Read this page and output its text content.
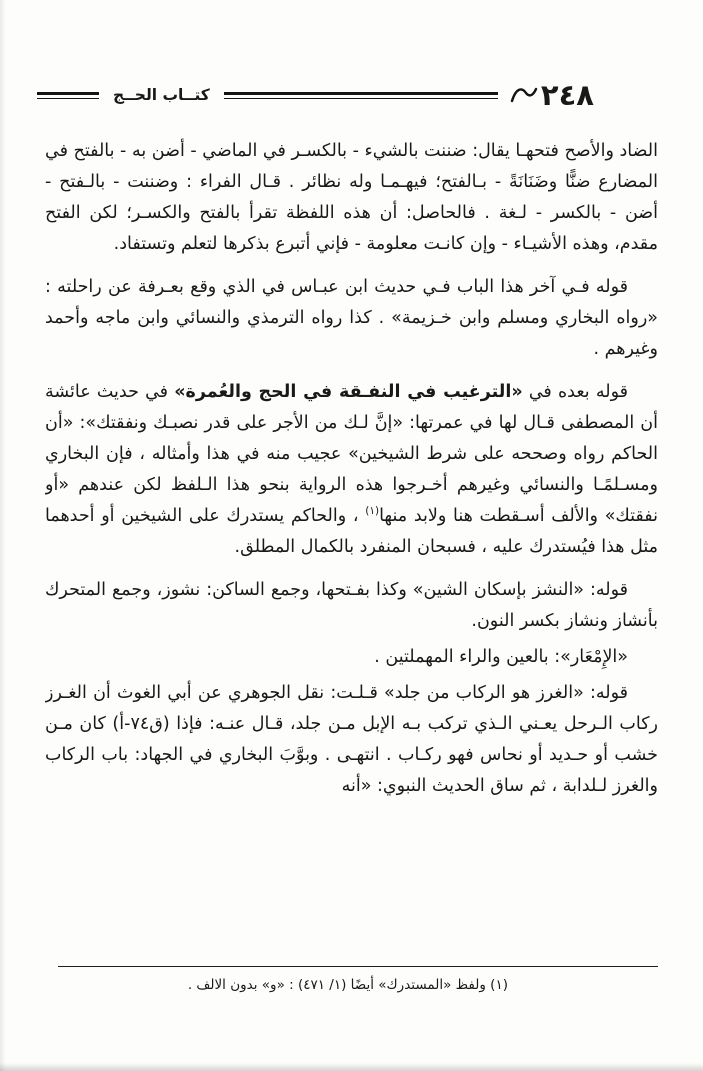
٢٤٨
كتــاب الحــج

الضاد والأصح فتحهـا يقال: ضننت بالشيء - بالكسـر في الماضي - أضن به - بالفتح في المضارع ضنًّا وضَنَانَةً - بـالفتح؛ فيهـمـا وله نظائر . قـال الفراء : وضننت - بالـفتح - أضن - بالكسر - لـغة . فالحاصل: أن هذه اللفظة تقرأ بالفتح والكسـر؛ لكن الفتح مقدم، وهذه الأشيـاء - وإن كانـت معلومة - فإني أتبرع بذكرها لتعلم وتستفاد.

قوله فـي آخر هذا الباب فـي حديث ابن عبـاس في الذي وقع بعـرفة عن راحلته : «رواه البخاري ومسلم وابن خـزيمة» . كذا رواه الترمذي والنسائي وابن ماجه وأحمد وغيرهم .

قوله بعده في «الترغيب في النفـقة في الحج والعُمرة» في حديث عائشة أن المصطفى قـال لها في عمرتها: «إنَّ لـك من الأجر على قدر نصبـك ونفقتك»: «أن الحاكم رواه وصححه على شرط الشيخين» عجيب منه في هذا وأمثاله ، فإن البخاري ومسـلمًـا والنسائي وغيرهم أخـرجوا هذه الرواية بنحو هذا الـلفظ لكن عندهم «أو نفقتك» والألف أسـقطت هنا ولابد منها$^{(١)}$ ، والحاكم يستدرك على الشيخين أو أحدهما مثل هذا فيُستدرك عليه ، فسبحان المنفرد بالكمال المطلق.

قوله: «النشز بإسكان الشين» وكذا بفـتحها، وجمع الساكن: نشوز، وجمع المتحرك بأنشاز ونشاز بكسر النون.

«الإِمْعَار»: بالعين والراء المهملتين .

قوله: «الغرز هو الركاب من جلد» قـلـت: نقل الجوهري عن أبي الغوث أن الغـرز ركاب الـرحل يعـني الـذي تركب بـه الإبل مـن جلد، قـال عنـه: فإذا (ق٧٤-أ) كان مـن خشب أو حـديد أو نحاس فهو ركـاب . انتهـى . وبوَّبَ البخاري في الجهاد: باب الركاب والغرز لـلدابة ، ثم ساق الحديث النبوي: «أنه

(١) ولفظ «المستدرك» أيضًا (١/ ٤٧١) : «و» بدون الالف .
